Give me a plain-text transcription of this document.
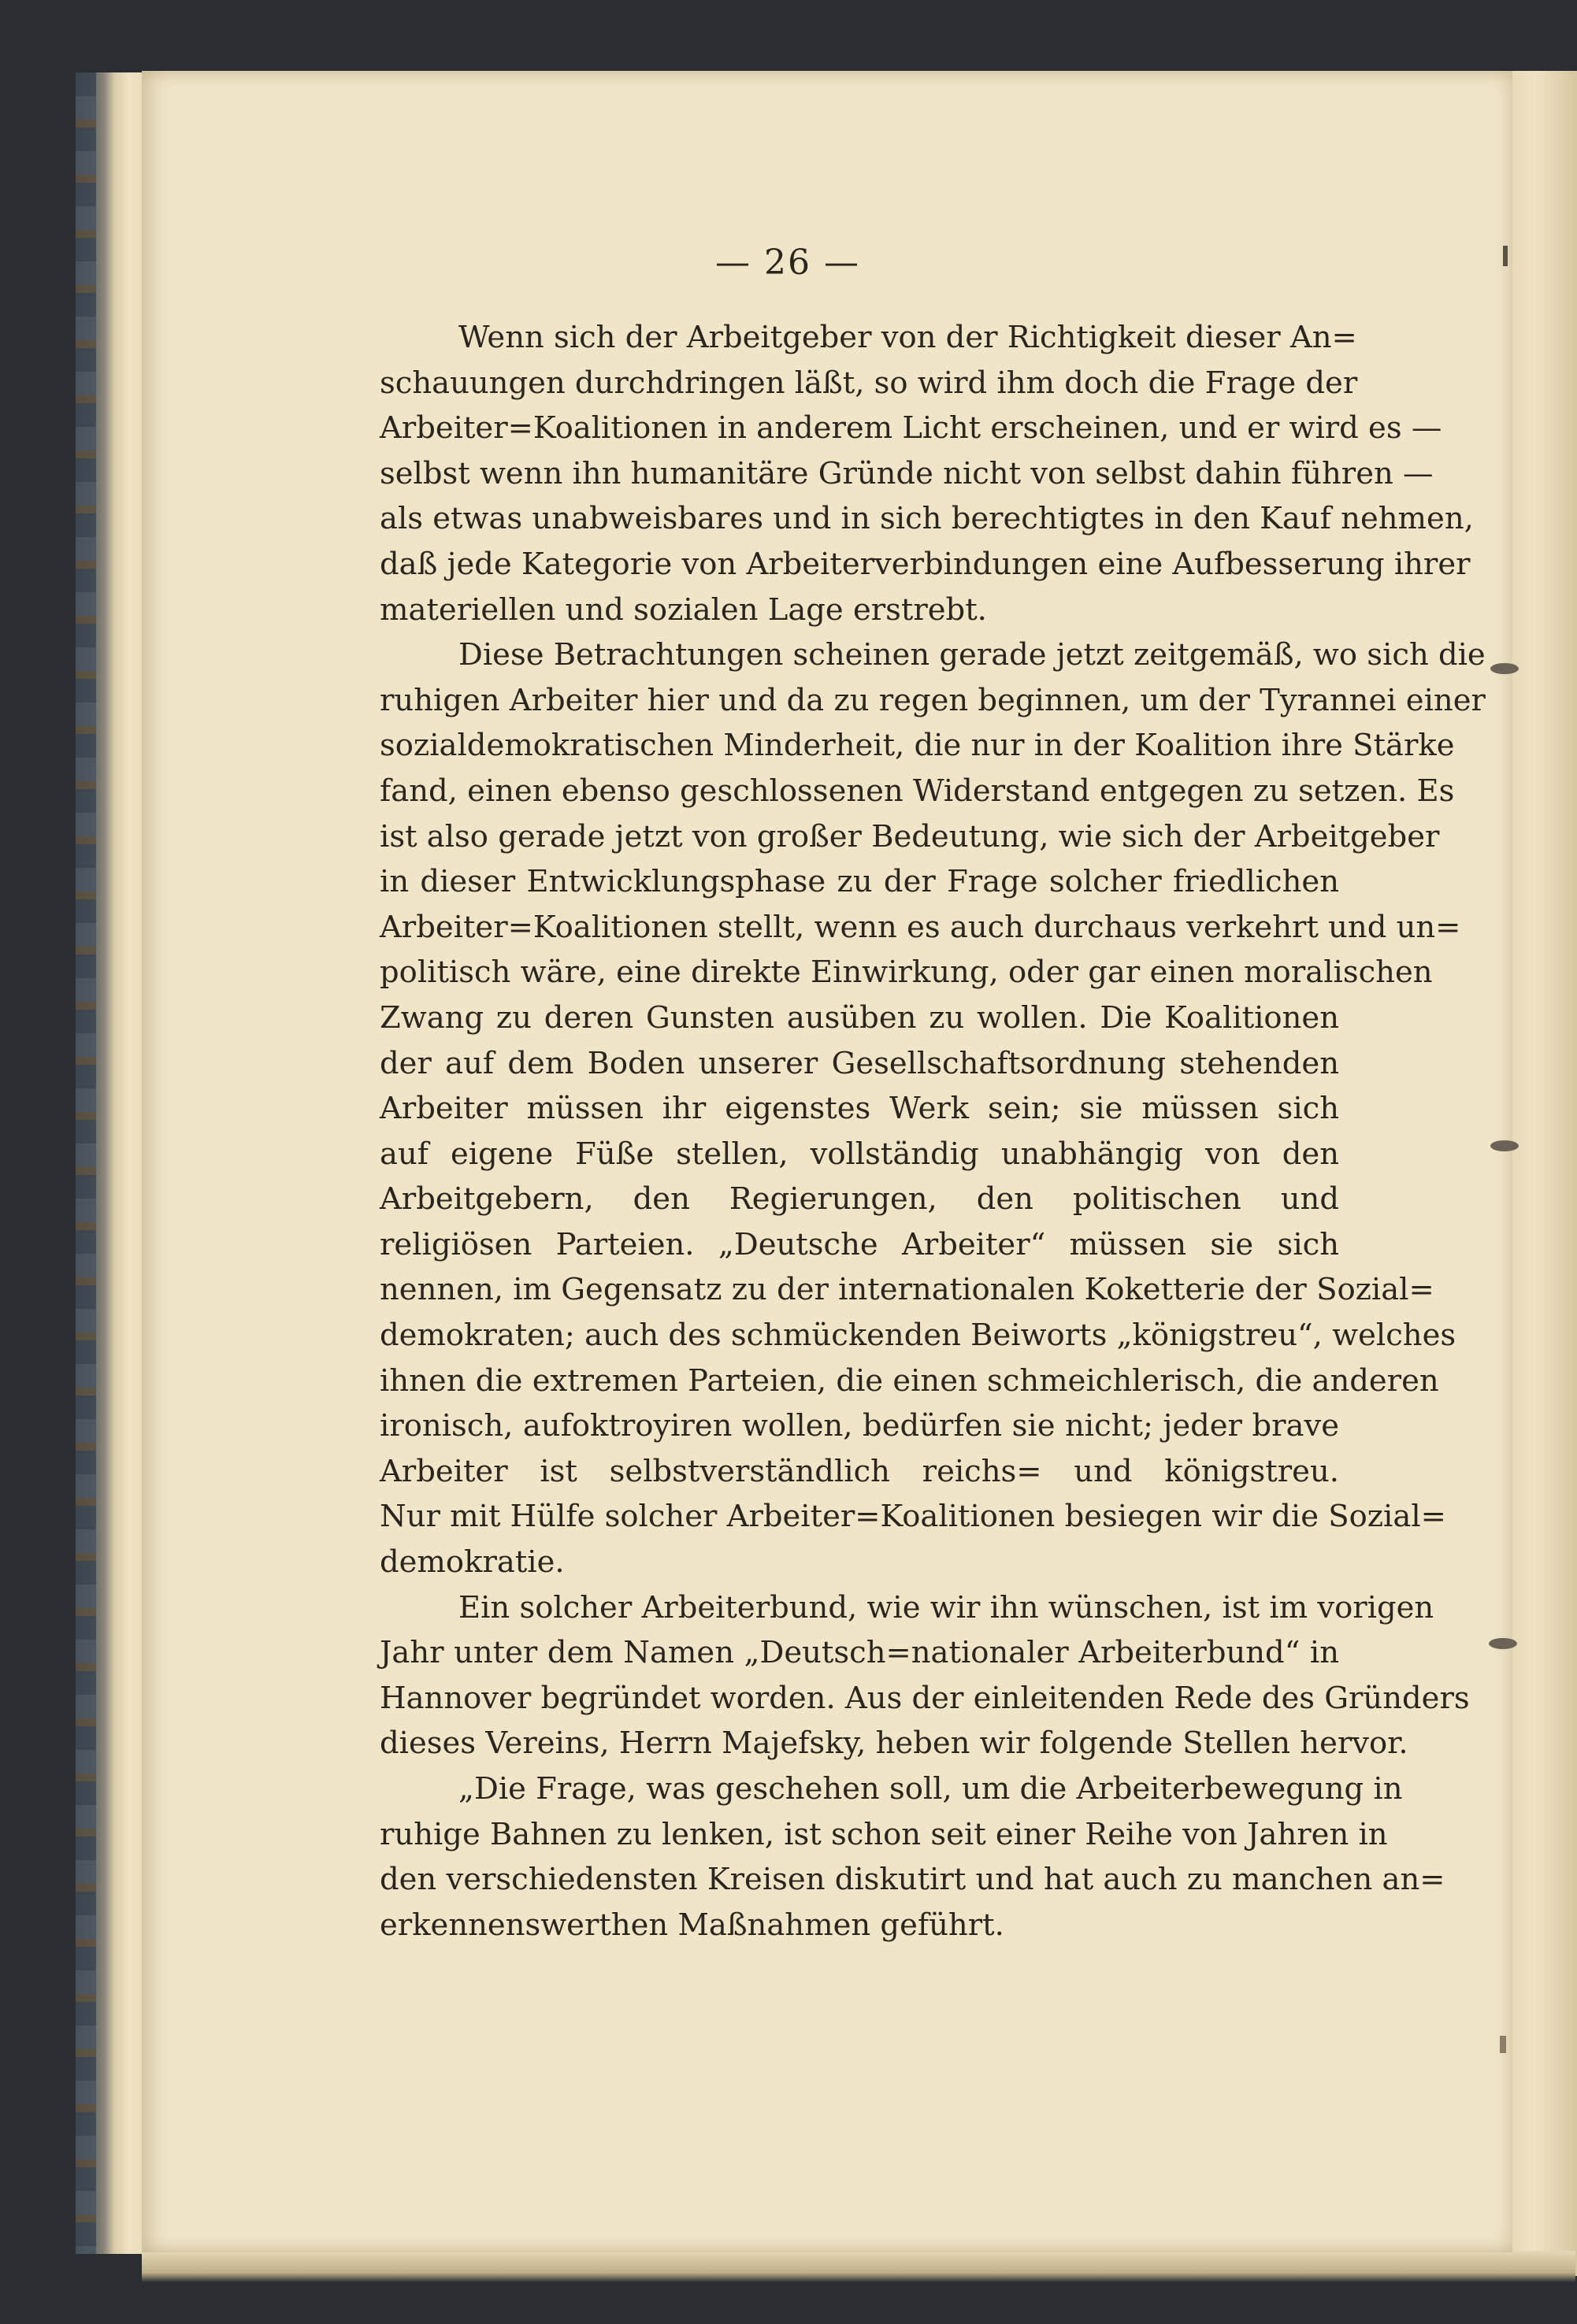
— 26 —
Wenn sich der Arbeitgeber von der Richtigkeit dieser An=
schauungen durchdringen läßt, so wird ihm doch die Frage der
Arbeiter=Koalitionen in anderem Licht erscheinen, und er wird es —
selbst wenn ihn humanitäre Gründe nicht von selbst dahin führen —
als etwas unabweisbares und in sich berechtigtes in den Kauf nehmen,
daß jede Kategorie von Arbeiterverbindungen eine Aufbesserung ihrer
materiellen und sozialen Lage erstrebt.
Diese Betrachtungen scheinen gerade jetzt zeitgemäß, wo sich die
ruhigen Arbeiter hier und da zu regen beginnen, um der Tyrannei einer
sozialdemokratischen Minderheit, die nur in der Koalition ihre Stärke
fand, einen ebenso geschlossenen Widerstand entgegen zu setzen. Es
ist also gerade jetzt von großer Bedeutung, wie sich der Arbeitgeber
in dieser Entwicklungsphase zu der Frage solcher friedlichen
Arbeiter=Koalitionen stellt, wenn es auch durchaus verkehrt und un=
politisch wäre, eine direkte Einwirkung, oder gar einen moralischen
Zwang zu deren Gunsten ausüben zu wollen. Die Koalitionen
der auf dem Boden unserer Gesellschaftsordnung stehenden
Arbeiter müssen ihr eigenstes Werk sein; sie müssen sich
auf eigene Füße stellen, vollständig unabhängig von den
Arbeitgebern, den Regierungen, den politischen und
religiösen Parteien. „Deutsche Arbeiter“ müssen sie sich
nennen, im Gegensatz zu der internationalen Koketterie der Sozial=
demokraten; auch des schmückenden Beiworts „königstreu“, welches
ihnen die extremen Parteien, die einen schmeichlerisch, die anderen
ironisch, aufoktroyiren wollen, bedürfen sie nicht; jeder brave
Arbeiter ist selbstverständlich reichs= und königstreu.
Nur mit Hülfe solcher Arbeiter=Koalitionen besiegen wir die Sozial=
demokratie.
Ein solcher Arbeiterbund, wie wir ihn wünschen, ist im vorigen
Jahr unter dem Namen „Deutsch=nationaler Arbeiterbund“ in
Hannover begründet worden. Aus der einleitenden Rede des Gründers
dieses Vereins, Herrn Majefsky, heben wir folgende Stellen hervor.
„Die Frage, was geschehen soll, um die Arbeiterbewegung in
ruhige Bahnen zu lenken, ist schon seit einer Reihe von Jahren in
den verschiedensten Kreisen diskutirt und hat auch zu manchen an=
erkennenswerthen Maßnahmen geführt.
